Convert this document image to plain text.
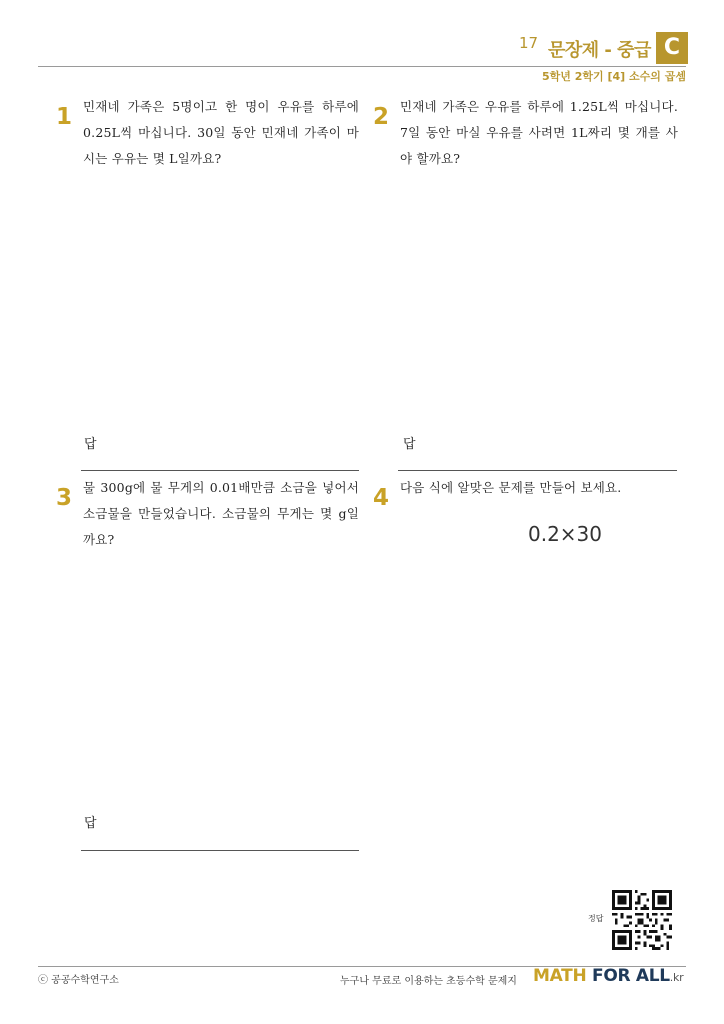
17 문장제 - 중급 C
5학년 2학기 [4] 소수의 곱셈
1 민재네 가족은 5명이고 한 명이 우유를 하루에 0.25L씩 마십니다. 30일 동안 민재네 가족이 마시는 우유는 몇 L일까요?
답
2 민재네 가족은 우유를 하루에 1.25L씩 마십니다. 7일 동안 마실 우유를 사려면 1L짜리 몇 개를 사야 할까요?
답
3 물 300g에 물 무게의 0.01배만큼 소금을 넣어서 소금물을 만들었습니다. 소금물의 무게는 몇 g일까요?
답
4 다음 식에 알맞은 문제를 만들어 보세요.
0.2×30
정답
ⓒ 공공수학연구소	누구나 무료로 이용하는 초등수학 문제지 MATH FOR ALL.kr
